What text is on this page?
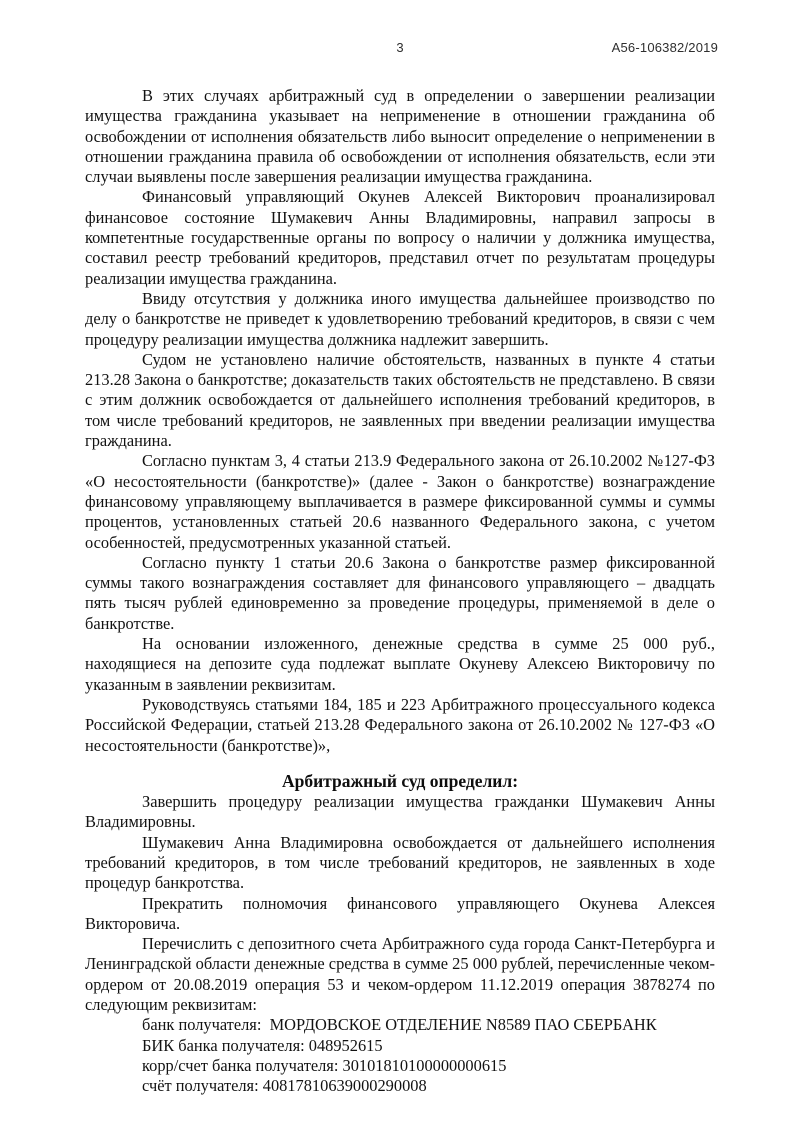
3	А56-106382/2019

В этих случаях арбитражный суд в определении о завершении реализации имущества гражданина указывает на неприменение в отношении гражданина об освобождении от исполнения обязательств либо выносит определение о неприменении в отношении гражданина правила об освобождении от исполнения обязательств, если эти случаи выявлены после завершения реализации имущества гражданина.

Финансовый управляющий Окунев Алексей Викторович проанализировал финансовое состояние Шумакевич Анны Владимировны, направил запросы в компетентные государственные органы по вопросу о наличии у должника имущества, составил реестр требований кредиторов, представил отчет по результатам процедуры реализации имущества гражданина.

Ввиду отсутствия у должника иного имущества дальнейшее производство по делу о банкротстве не приведет к удовлетворению требований кредиторов, в связи с чем процедуру реализации имущества должника надлежит завершить.

Судом не установлено наличие обстоятельств, названных в пункте 4 статьи 213.28 Закона о банкротстве; доказательств таких обстоятельств не представлено. В связи с этим должник освобождается от дальнейшего исполнения требований кредиторов, в том числе требований кредиторов, не заявленных при введении реализации имущества гражданина.

Согласно пунктам 3, 4 статьи 213.9 Федерального закона от 26.10.2002 №127-ФЗ «О несостоятельности (банкротстве)» (далее - Закон о банкротстве) вознаграждение финансовому управляющему выплачивается в размере фиксированной суммы и суммы процентов, установленных статьей 20.6 названного Федерального закона, с учетом особенностей, предусмотренных указанной статьей.

Согласно пункту 1 статьи 20.6 Закона о банкротстве размер фиксированной суммы такого вознаграждения составляет для финансового управляющего – двадцать пять тысяч рублей единовременно за проведение процедуры, применяемой в деле о банкротстве.

На основании изложенного, денежные средства в сумме 25 000 руб., находящиеся на депозите суда подлежат выплате Окуневу Алексею Викторовичу по указанным в заявлении реквизитам.

Руководствуясь статьями 184, 185 и 223 Арбитражного процессуального кодекса Российской Федерации, статьей 213.28 Федерального закона от 26.10.2002 № 127-ФЗ «О несостоятельности (банкротстве)»,

Арбитражный суд определил:

Завершить процедуру реализации имущества гражданки Шумакевич Анны Владимировны.

Шумакевич Анна Владимировна освобождается от дальнейшего исполнения требований кредиторов, в том числе требований кредиторов, не заявленных в ходе процедур банкротства.

Прекратить полномочия финансового управляющего Окунева Алексея Викторовича.

Перечислить с депозитного счета Арбитражного суда города Санкт-Петербурга и Ленинградской области денежные средства в сумме 25 000 рублей, перечисленные чеком-ордером от 20.08.2019 операция 53 и чеком-ордером 11.12.2019 операция 3878274 по следующим реквизитам:

банк получателя:  МОРДОВСКОЕ ОТДЕЛЕНИЕ N8589 ПАО СБЕРБАНК
БИК банка получателя: 048952615
корр/счет банка получателя: 30101810100000000615
счёт получателя: 40817810639000290008
